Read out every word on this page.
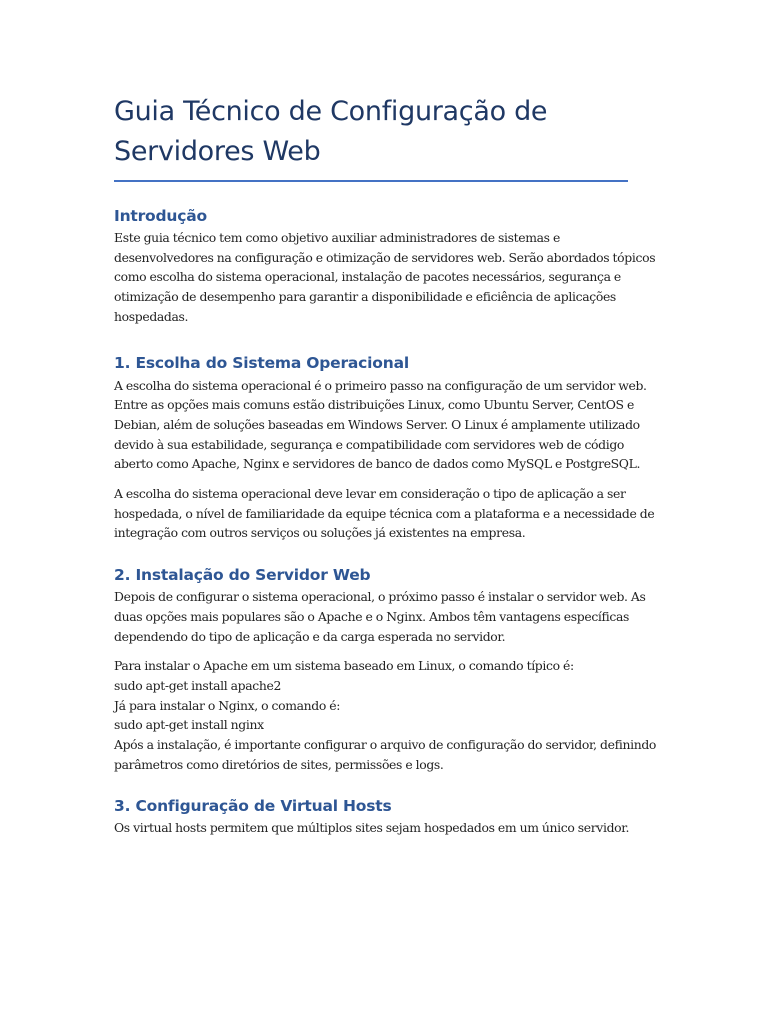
Guia Técnico de Configuração de
Servidores Web
Introdução

Este guia técnico tem como objetivo auxiliar administradores de sistemas e
desenvolvedores na configuração e otimização de servidores web. Serão abordados tópicos
como escolha do sistema operacional, instalação de pacotes necessários, segurança e
otimização de desempenho para garantir a disponibilidade e eficiência de aplicações
hospedadas.

1. Escolha do Sistema Operacional

A escolha do sistema operacional é o primeiro passo na configuração de um servidor web.
Entre as opções mais comuns estão distribuições Linux, como Ubuntu Server, CentOS e
Debian, além de soluções baseadas em Windows Server. O Linux é amplamente utilizado
devido à sua estabilidade, segurança e compatibilidade com servidores web de código
aberto como Apache, Nginx e servidores de banco de dados como MySQL e PostgreSQL.

A escolha do sistema operacional deve levar em consideração o tipo de aplicação a ser
hospedada, o nível de familiaridade da equipe técnica com a plataforma e a necessidade de
integração com outros serviços ou soluções já existentes na empresa.

2. Instalação do Servidor Web

Depois de configurar o sistema operacional, o próximo passo é instalar o servidor web. As
duas opções mais populares são o Apache e o Nginx. Ambos têm vantagens específicas
dependendo do tipo de aplicação e da carga esperada no servidor.

Para instalar o Apache em um sistema baseado em Linux, o comando típico é:
sudo apt-get install apache2
Já para instalar o Nginx, o comando é:
sudo apt-get install nginx
Após a instalação, é importante configurar o arquivo de configuração do servidor, definindo
parâmetros como diretórios de sites, permissões e logs.

3. Configuração de Virtual Hosts

Os virtual hosts permitem que múltiplos sites sejam hospedados em um único servidor.
